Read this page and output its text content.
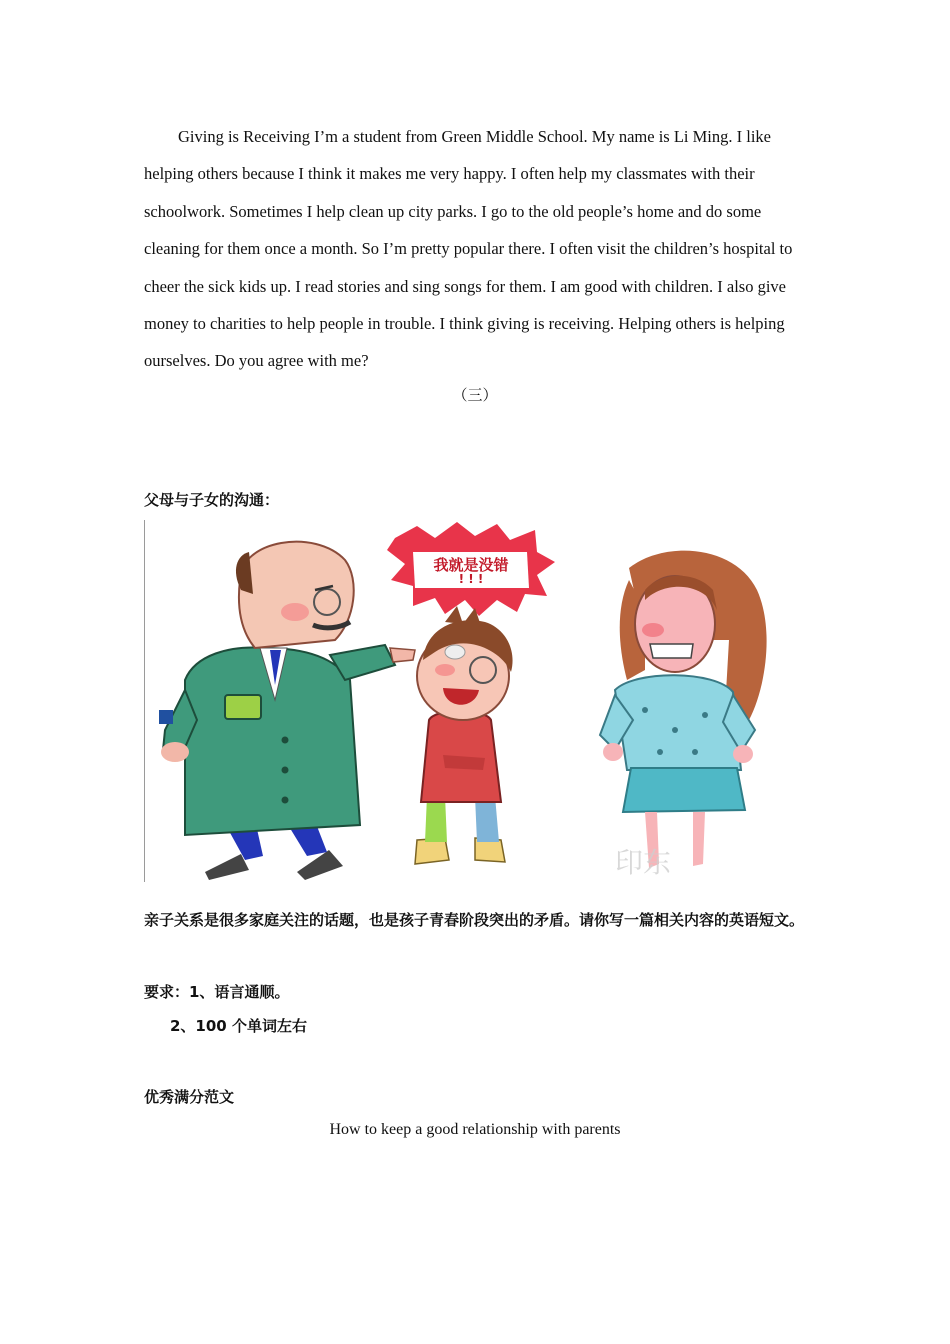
Giving is Receiving I’m a student from Green Middle School. My name is Li Ming. I like helping others because I think it makes me very happy. I often help my classmates with their schoolwork. Sometimes I help clean up city parks. I go to the old people’s home and do some cleaning for them once a month. So I’m pretty popular there. I often visit the children’s hospital to cheer the sick kids up. I read stories and sing songs for them. I am good with children. I also give money to charities to help people in trouble. I think giving is receiving. Helping others is helping ourselves. Do you agree with me?

（三）

父母与子女的沟通：

我就是没错
! ! !
印东

亲子关系是很多家庭关注的话题，也是孩子青春阶段突出的矛盾。请你写一篇相关内容的英语短文。

要求：1、语言通顺。

2、100 个单词左右

优秀满分范文

How to keep a good relationship with parents
